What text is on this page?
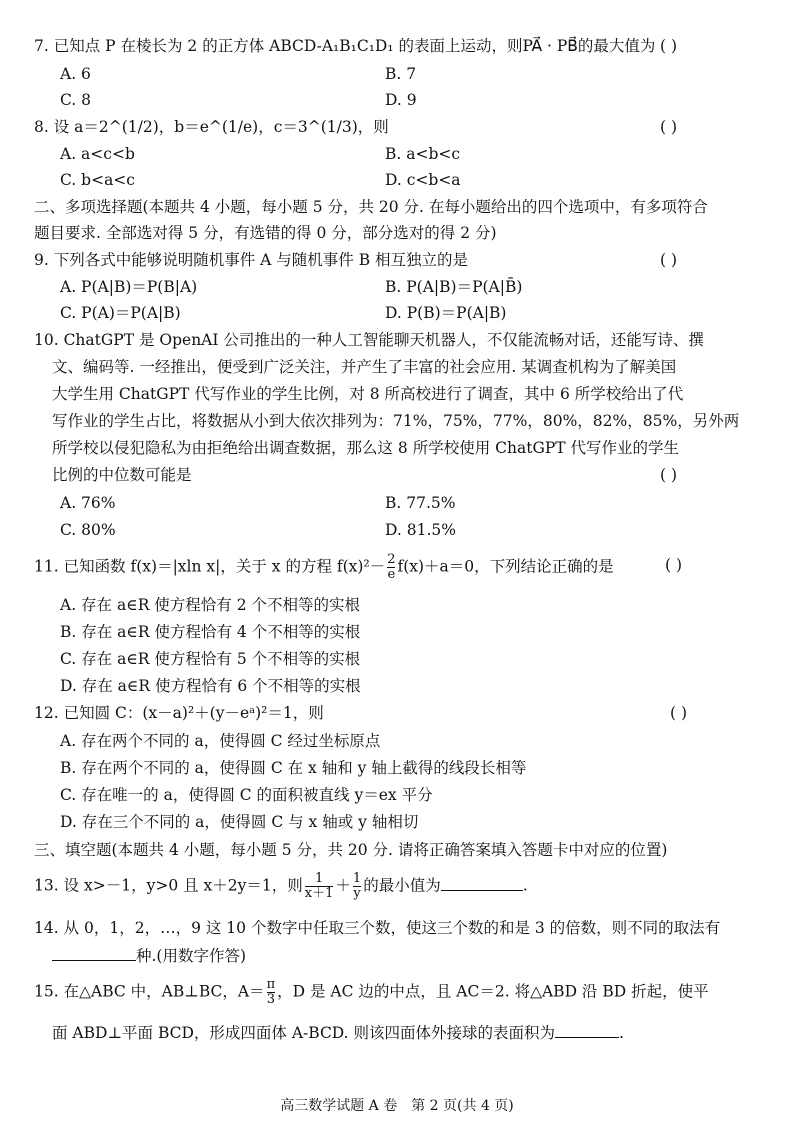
7. 已知点 P 在棱长为 2 的正方体 ABCD-A₁B₁C₁D₁ 的表面上运动，则PA⃗ · PB⃗的最大值为 ( )
A. 6	B. 7
C. 8	D. 9
8. 设 a＝2^(1/2)，b＝e^(1/e)，c＝3^(1/3)，则	( )
A. a<c<b	B. a<b<c
C. b<a<c	D. c<b<a
二、多项选择题(本题共 4 小题，每小题 5 分，共 20 分. 在每小题给出的四个选项中，有多项符合
题目要求. 全部选对得 5 分，有选错的得 0 分，部分选对的得 2 分)
9. 下列各式中能够说明随机事件 A 与随机事件 B 相互独立的是	( )
A. P(A|B)＝P(B|A)	B. P(A|B)＝P(A|B̄)
C. P(A)＝P(A|B)	D. P(B)＝P(A|B)
10. ChatGPT 是 OpenAI 公司推出的一种人工智能聊天机器人，不仅能流畅对话，还能写诗、撰
文、编码等. 一经推出，便受到广泛关注，并产生了丰富的社会应用. 某调查机构为了解美国
大学生用 ChatGPT 代写作业的学生比例，对 8 所高校进行了调查，其中 6 所学校给出了代
写作业的学生占比，将数据从小到大依次排列为：71%，75%，77%，80%，82%，85%，另外两
所学校以侵犯隐私为由拒绝给出调查数据，那么这 8 所学校使用 ChatGPT 代写作业的学生
比例的中位数可能是	( )
A. 76%	B. 77.5%
C. 80%	D. 81.5%
11. 已知函数 f(x)＝|xln x|，关于 x 的方程 $f(x)^2- \frac{2}{e} f(x)+a=0$，下列结论正确的是	( )
A. 存在 a∈R 使方程恰有 2 个不相等的实根
B. 存在 a∈R 使方程恰有 4 个不相等的实根
C. 存在 a∈R 使方程恰有 5 个不相等的实根
D. 存在 a∈R 使方程恰有 6 个不相等的实根
12. 已知圆 C：(x－a)²＋(y－eᵃ)²＝1，则	( )
A. 存在两个不同的 a，使得圆 C 经过坐标原点
B. 存在两个不同的 a，使得圆 C 在 x 轴和 y 轴上截得的线段长相等
C. 存在唯一的 a，使得圆 C 的面积被直线 y＝ex 平分
D. 存在三个不同的 a，使得圆 C 与 x 轴或 y 轴相切
三、填空题(本题共 4 小题，每小题 5 分，共 20 分. 请将正确答案填入答题卡中对应的位置)
13. 设 x>－1，y>0 且 x＋2y＝1，则 $\frac{1}{x+1} + \frac{1}{y}$ 的最小值为	.
14. 从 0，1，2，…，9 这 10 个数字中任取三个数，使这三个数的和是 3 的倍数，则不同的取法有
种.(用数字作答)
15. 在△ABC 中，AB⊥BC，$A= \frac{\pi}{3}$ ，D 是 AC 边的中点，且 AC＝2. 将△ABD 沿 BD 折起，使平
面 ABD⊥平面 BCD，形成四面体 A-BCD. 则该四面体外接球的表面积为	.
高三数学试题 A 卷　第 2 页(共 4 页)
